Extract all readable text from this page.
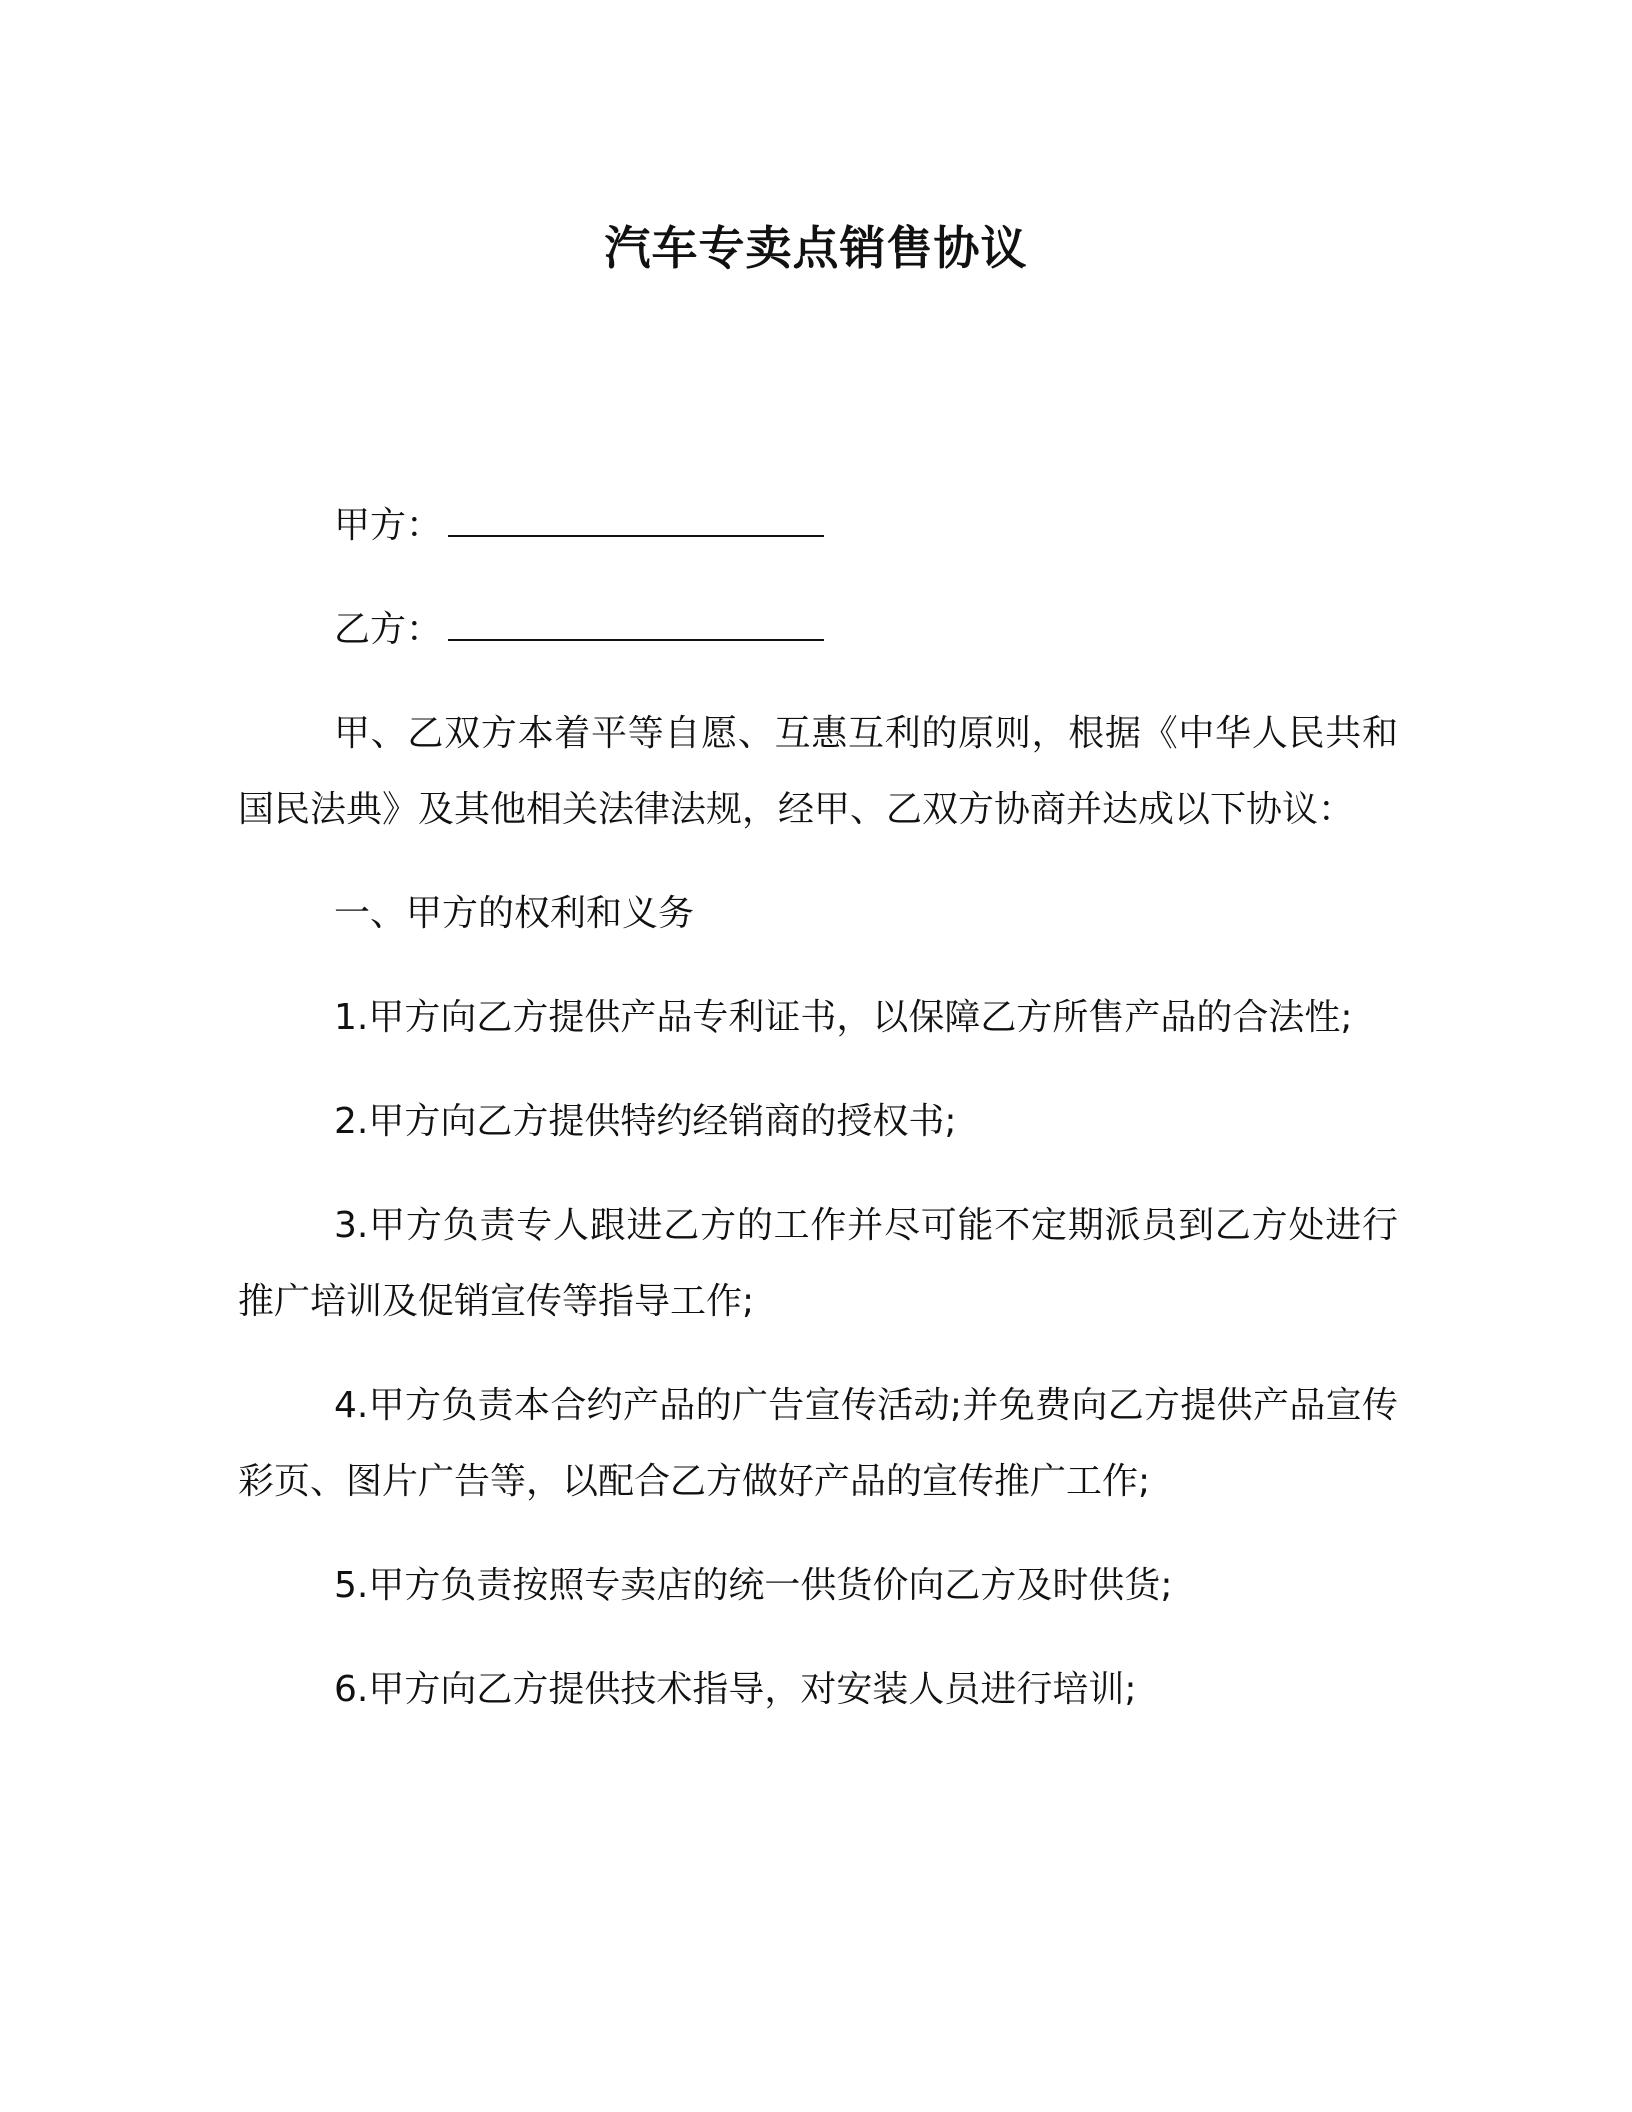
汽车专卖点销售协议

甲方：

乙方：

甲、乙双方本着平等自愿、互惠互利的原则，根据《中华人民共和国民法典》及其他相关法律法规，经甲、乙双方协商并达成以下协议：

一、甲方的权利和义务

1.甲方向乙方提供产品专利证书，以保障乙方所售产品的合法性;

2.甲方向乙方提供特约经销商的授权书;

3.甲方负责专人跟进乙方的工作并尽可能不定期派员到乙方处进行推广培训及促销宣传等指导工作;

4.甲方负责本合约产品的广告宣传活动;并免费向乙方提供产品宣传彩页、图片广告等，以配合乙方做好产品的宣传推广工作;

5.甲方负责按照专卖店的统一供货价向乙方及时供货;

6.甲方向乙方提供技术指导，对安装人员进行培训;
